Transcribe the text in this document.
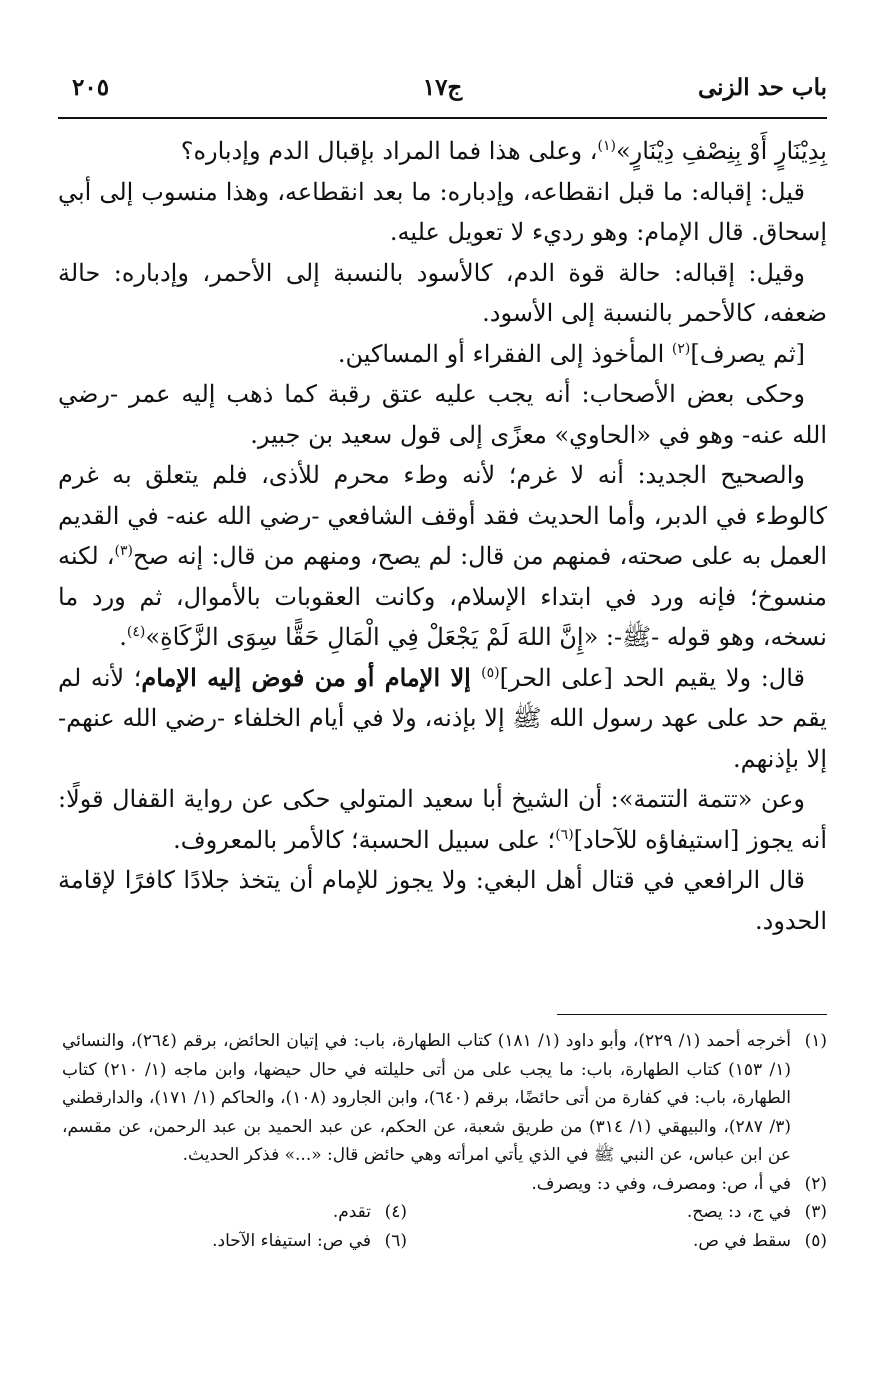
باب حد الزنى
ج١٧
٢٠٥

بِدِيْنَارٍ أَوْ بِنِصْفِ دِيْنَارٍ»$^{(١)}$، وعلى هذا فما المراد بإقبال الدم وإدباره؟

قيل: إقباله: ما قبل انقطاعه، وإدباره: ما بعد انقطاعه، وهذا منسوب إلى أبي إسحاق. قال الإمام: وهو رديء لا تعويل عليه.

وقيل: إقباله: حالة قوة الدم، كالأسود بالنسبة إلى الأحمر، وإدباره: حالة ضعفه، كالأحمر بالنسبة إلى الأسود.

[ثم يصرف]$^{(٢)}$ المأخوذ إلى الفقراء أو المساكين.

وحكى بعض الأصحاب: أنه يجب عليه عتق رقبة كما ذهب إليه عمر -رضي الله عنه- وهو في «الحاوي» معزًى إلى قول سعيد بن جبير.

والصحيح الجديد: أنه لا غرم؛ لأنه وطء محرم للأذى، فلم يتعلق به غرم كالوطء في الدبر، وأما الحديث فقد أوقف الشافعي -رضي الله عنه- في القديم العمل به على صحته، فمنهم من قال: لم يصح، ومنهم من قال: إنه صح$^{(٣)}$، لكنه منسوخ؛ فإنه ورد في ابتداء الإسلام، وكانت العقوبات بالأموال، ثم ورد ما نسخه، وهو قوله -ﷺ-: «إِنَّ اللهَ لَمْ يَجْعَلْ فِي الْمَالِ حَقًّا سِوَى الزَّكَاةِ»$^{(٤)}$.

قال: ولا يقيم الحد [على الحر]$^{(٥)}$ إلا الإمام أو من فوض إليه الإمام؛ لأنه لم يقم حد على عهد رسول الله ﷺ إلا بإذنه، ولا في أيام الخلفاء -رضي الله عنهم- إلا بإذنهم.

وعن «تتمة التتمة»: أن الشيخ أبا سعيد المتولي حكى عن رواية القفال قولًا: أنه يجوز [استيفاؤه للآحاد]$^{(٦)}$؛ على سبيل الحسبة؛ كالأمر بالمعروف.

قال الرافعي في قتال أهل البغي: ولا يجوز للإمام أن يتخذ جلادًا كافرًا لإقامة الحدود.

(١)
أخرجه أحمد (١/ ٢٢٩)، وأبو داود (١/ ١٨١) كتاب الطهارة، باب: في إتيان الحائض، برقم (٢٦٤)، والنسائي (١/ ١٥٣) كتاب الطهارة، باب: ما يجب على من أتى حليلته في حال حيضها، وابن ماجه (١/ ٢١٠) كتاب الطهارة، باب: في كفارة من أتى حائضًا، برقم (٦٤٠)، وابن الجارود (١٠٨)، والحاكم (١/ ١٧١)، والدارقطني (٣/ ٢٨٧)، والبيهقي (١/ ٣١٤) من طريق شعبة، عن الحكم، عن عبد الحميد بن عبد الرحمن، عن مقسم، عن ابن عباس، عن النبي ﷺ في الذي يأتي امرأته وهي حائض قال: «...» فذكر الحديث.
(٢)
في أ، ص: ومصرف، وفي د: ويصرف.
(٣)
في ج، د: يصح.
(٤)
تقدم.
(٥)
سقط في ص.
(٦)
في ص: استيفاء الآحاد.
